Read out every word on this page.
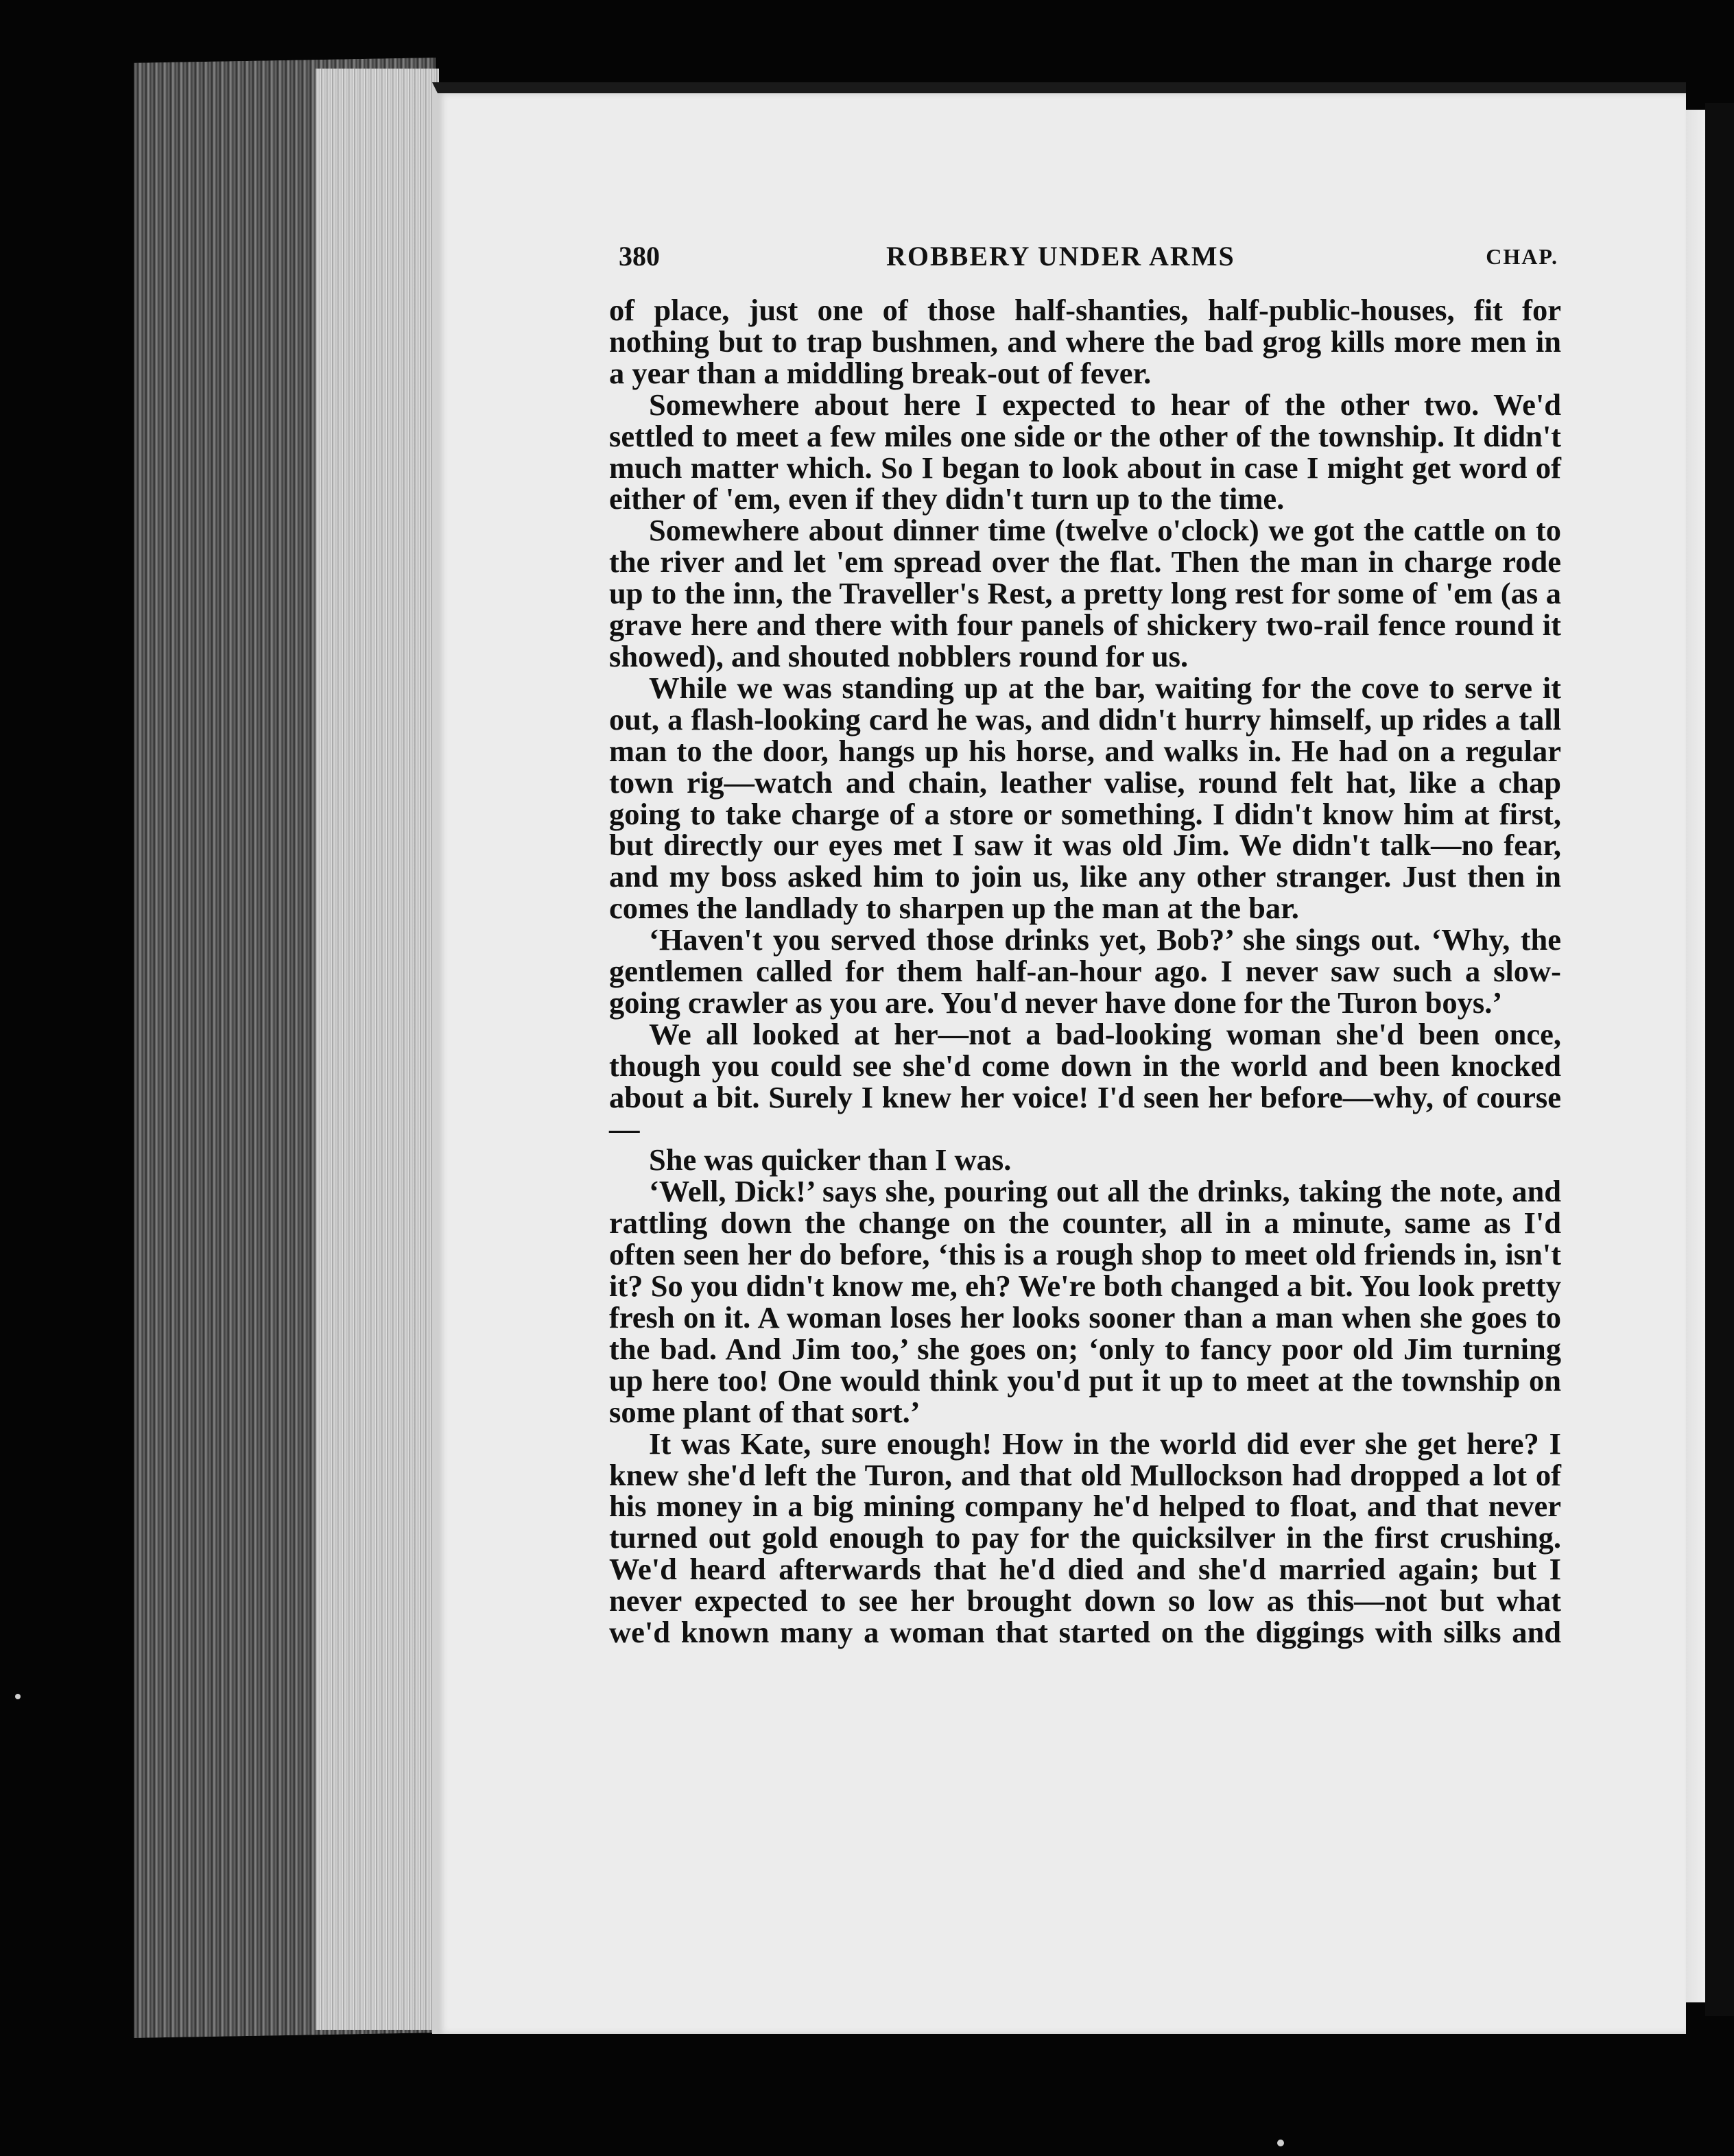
380	ROBBERY UNDER ARMS	CHAP.

of place, just one of those half-shanties, half-public-houses, fit for nothing but to trap bushmen, and where the bad grog kills more men in a year than a middling break-out of fever.

Somewhere about here I expected to hear of the other two. We'd settled to meet a few miles one side or the other of the township. It didn't much matter which. So I began to look about in case I might get word of either of 'em, even if they didn't turn up to the time.

Somewhere about dinner time (twelve o'clock) we got the cattle on to the river and let 'em spread over the flat. Then the man in charge rode up to the inn, the Traveller's Rest, a pretty long rest for some of 'em (as a grave here and there with four panels of shickery two-rail fence round it showed), and shouted nobblers round for us.

While we was standing up at the bar, waiting for the cove to serve it out, a flash-looking card he was, and didn't hurry himself, up rides a tall man to the door, hangs up his horse, and walks in. He had on a regular town rig—watch and chain, leather valise, round felt hat, like a chap going to take charge of a store or something. I didn't know him at first, but directly our eyes met I saw it was old Jim. We didn't talk—no fear, and my boss asked him to join us, like any other stranger. Just then in comes the landlady to sharpen up the man at the bar.

‘Haven't you served those drinks yet, Bob?’ she sings out. ‘Why, the gentlemen called for them half-an-hour ago. I never saw such a slow-going crawler as you are. You'd never have done for the Turon boys.’

We all looked at her—not a bad-looking woman she'd been once, though you could see she'd come down in the world and been knocked about a bit. Surely I knew her voice! I'd seen her before—why, of course—

She was quicker than I was.

‘Well, Dick!’ says she, pouring out all the drinks, taking the note, and rattling down the change on the counter, all in a minute, same as I'd often seen her do before, ‘this is a rough shop to meet old friends in, isn't it? So you didn't know me, eh? We're both changed a bit. You look pretty fresh on it. A woman loses her looks sooner than a man when she goes to the bad. And Jim too,’ she goes on; ‘only to fancy poor old Jim turning up here too! One would think you'd put it up to meet at the township on some plant of that sort.’

It was Kate, sure enough! How in the world did ever she get here? I knew she'd left the Turon, and that old Mullockson had dropped a lot of his money in a big mining company he'd helped to float, and that never turned out gold enough to pay for the quicksilver in the first crushing. We'd heard afterwards that he'd died and she'd married again; but I never expected to see her brought down so low as this—not but what we'd known many a woman that started on the diggings with silks and
